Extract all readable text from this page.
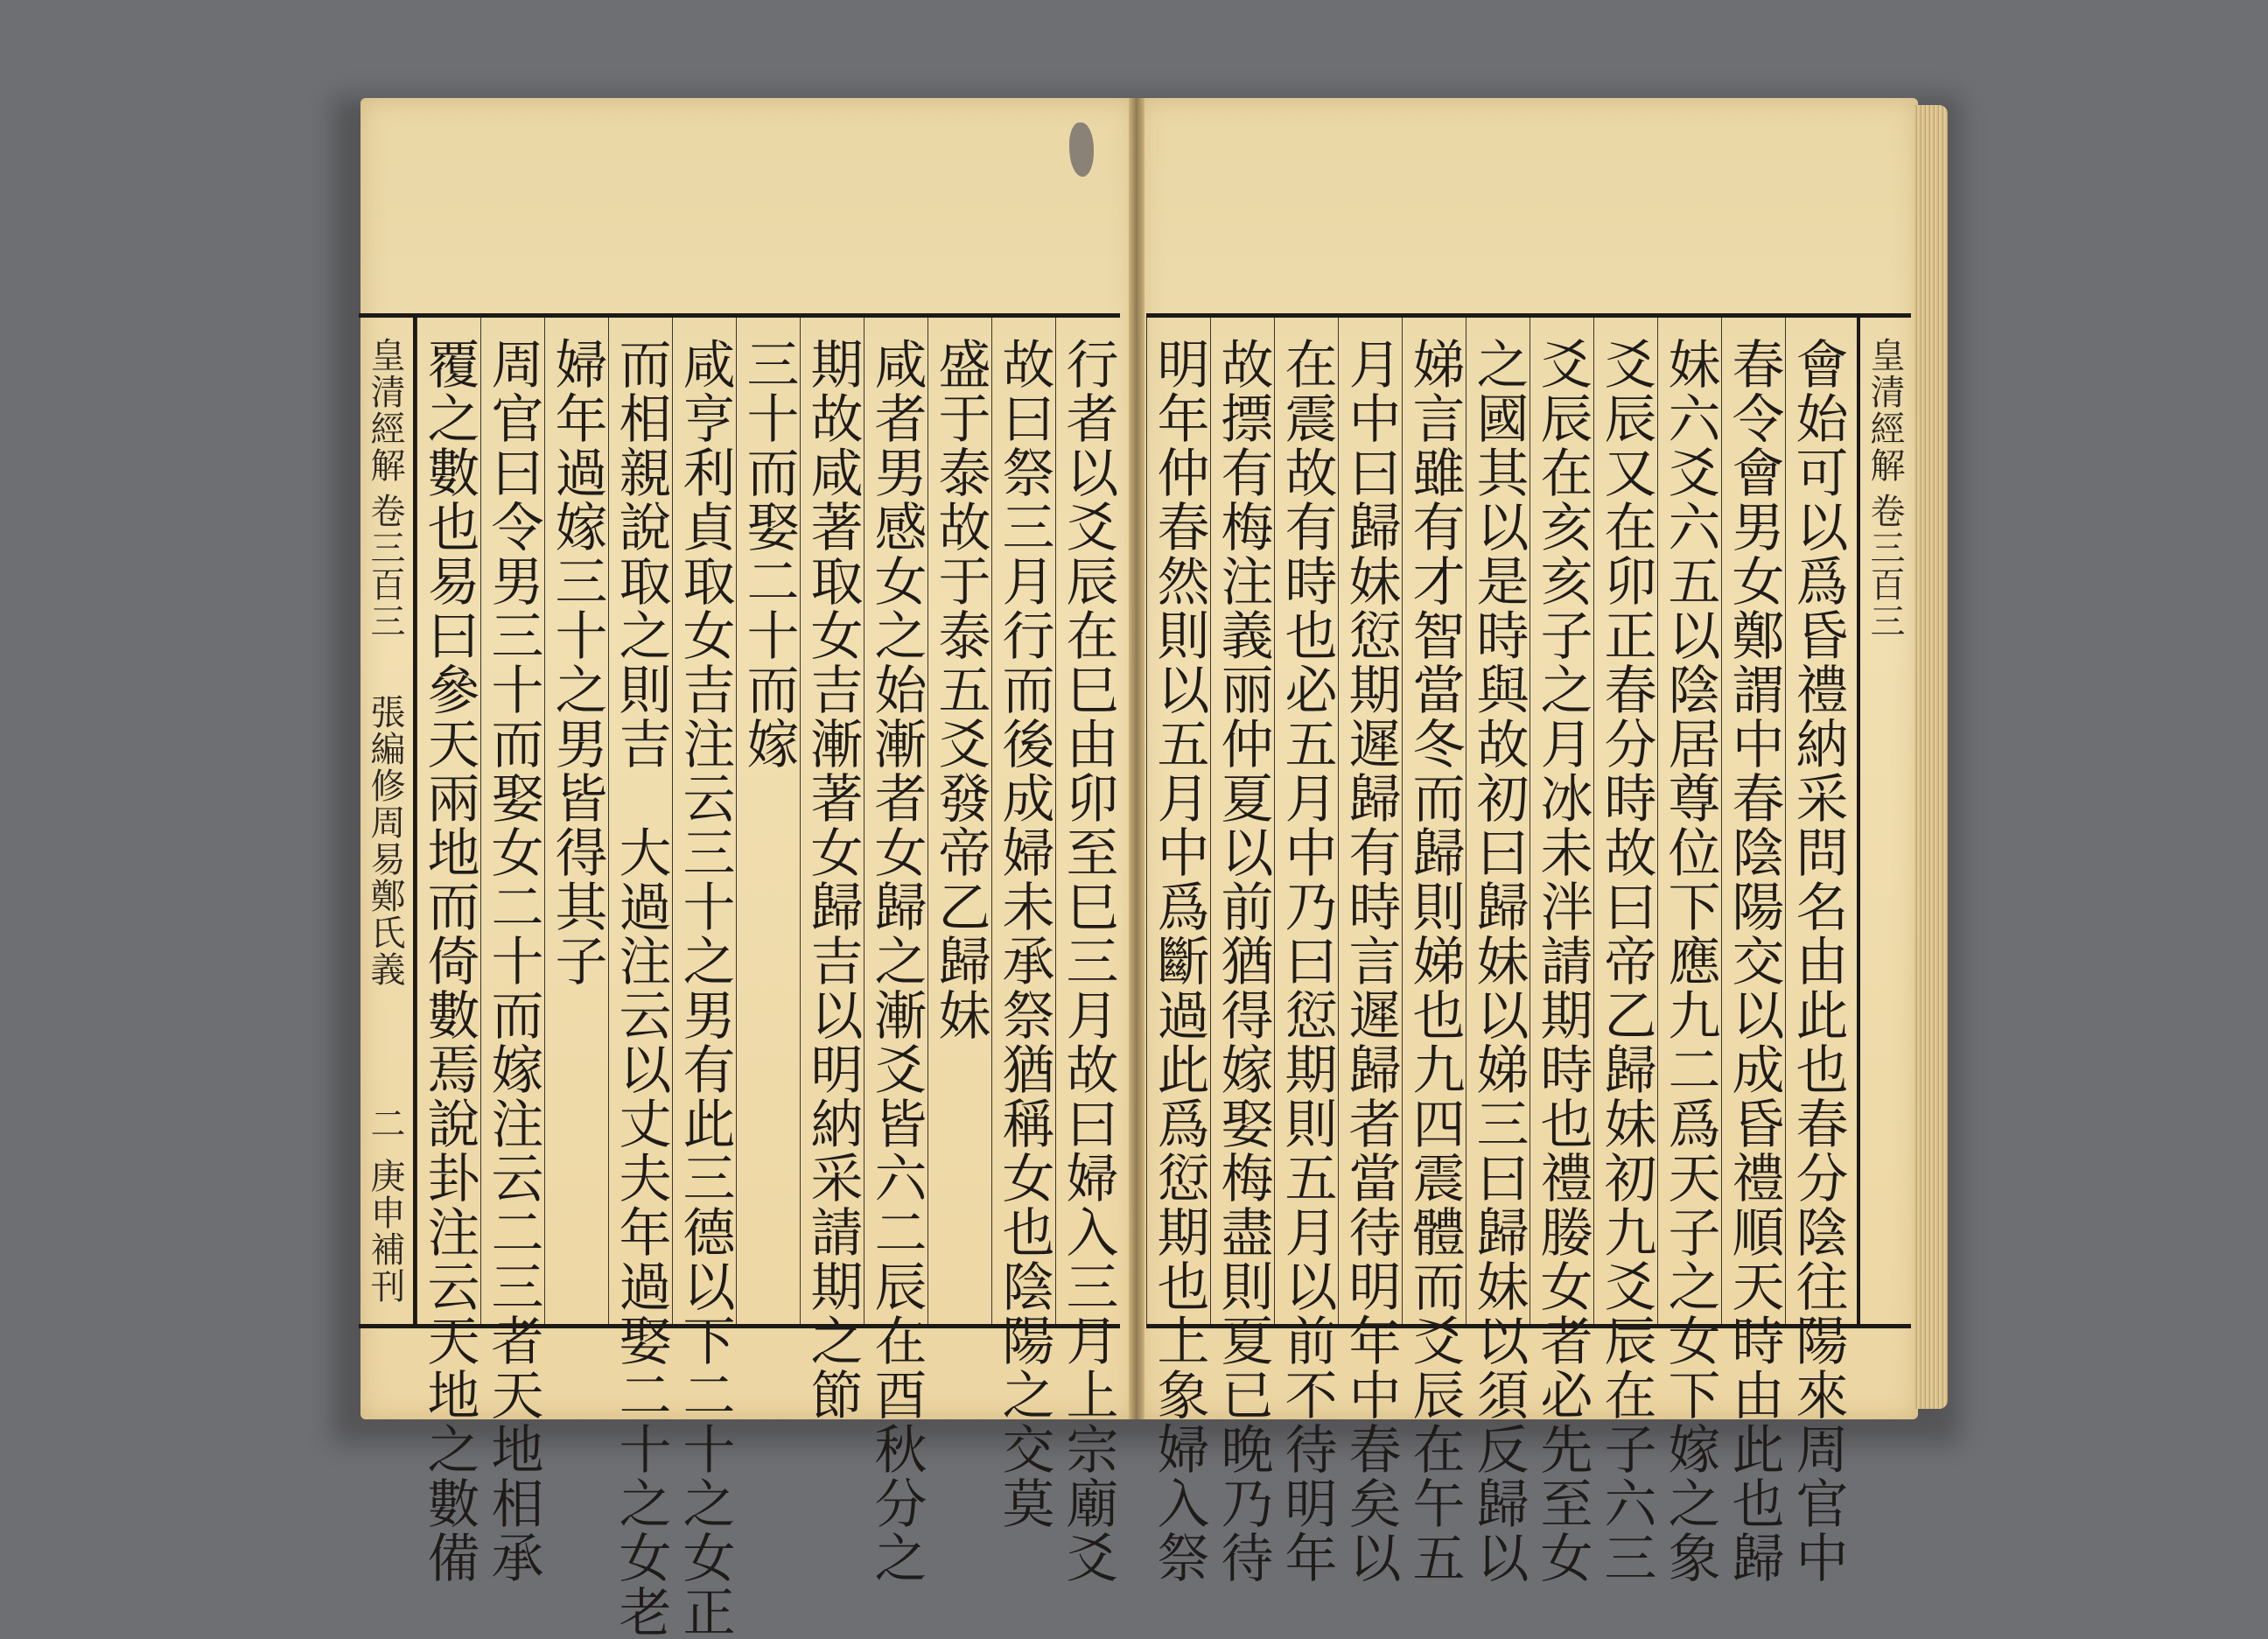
皇清經解
卷三百三
張編修周易鄭氏義
二
庚申補刊	行者以爻辰在巳由卯至巳三月故曰婦入三月上宗廟爻
故曰祭三月行而後成婦未承祭猶稱女也陰陽之交莫
盛于泰故于泰五爻發帝乙歸妹
咸者男感女之始漸者女歸之漸爻皆六二辰在酉秋分之
期故咸著取女吉漸著女歸吉以明納采請期之節
三十而娶二十而嫁
咸亨利貞取女吉注云三十之男有此三德以下二十之女正
而相親說取之則吉　大過注云以丈夫年過娶二十之女老
婦年過嫁三十之男皆得其子
周官曰令男三十而娶女二十而嫁注云二三者天地相承
覆之數也易曰參天兩地而倚數焉說卦注云天地之數備	會始可以爲昏禮納采問名由此也春分陰往陽來周官中
春令會男女鄭謂中春陰陽交以成昏禮順天時由此也歸
妹六爻六五以陰居尊位下應九二爲天子之女下嫁之象
爻辰又在卯正春分時故曰帝乙歸妹初九爻辰在子六三
爻辰在亥亥子之月冰未泮請期時也禮媵女者必先至女
之國其以是時與故初曰歸妹以娣三曰歸妹以須反歸以
娣言雖有才智當冬而歸則娣也九四震體而爻辰在午五
月中曰歸妹愆期遲歸有時言遲歸者當待明年中春矣以
在震故有時也必五月中乃曰愆期則五月以前不待明年
故摽有梅注義丽仲夏以前猶得嫁娶梅盡則夏已晚乃待
明年仲春然則以五月中爲斷過此爲愆期也上象婦入祭	皇清經解
卷三百三
